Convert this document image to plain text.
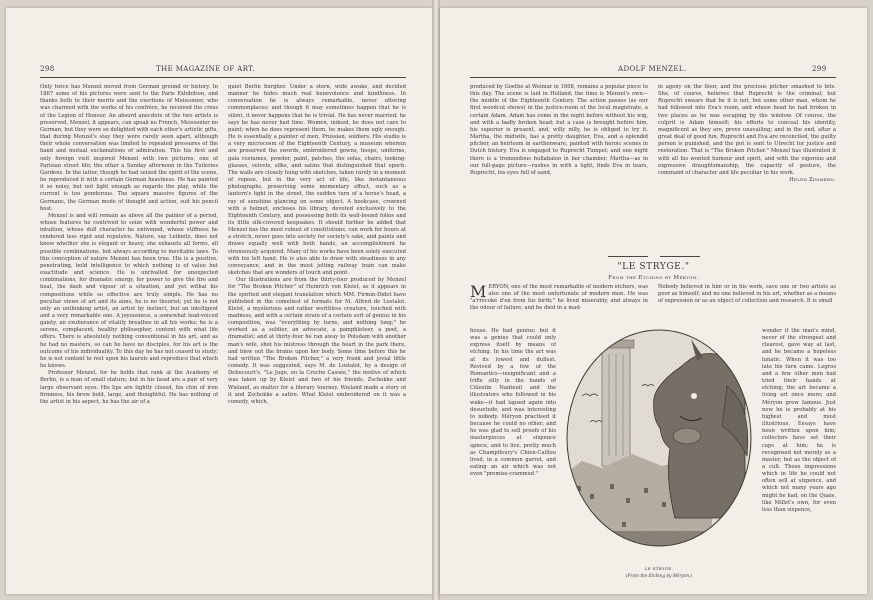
298	THE MAGAZINE OF ART.

Only twice has Menzel moved from German ground or history. In 1867 some of his pictures were sent to the Paris Exhibition, and thanks both to their merits and the exertions of Meissonier, who was charmed with the works of his confrère, he received the cross of the Legion of Honour. An absurd anecdote of the two artists is preserved. Menzel, it appears, can speak no French, Meissonier no German, but they were so delighted with each other's artistic gifts, that during Menzel's stay they were rarely seen apart, although their whole conversation was limited to repeated pressures of the hand and mutual exclamations of admiration. This his first and only foreign visit inspired Menzel with two pictures, one of Parisian street life; the other a Sunday afternoon in the Tuileries Gardens. In the latter, though he had seized the spirit of the scene, he reproduced it with a certain German heaviness. He has painted it so noisy, but not light enough as regards the play, while the current is too ponderous. The square massive figures of the Germans, the German mode of thought and action, suit his pencil best.

Menzel is and will remain as above all the painter of a period, whose features he contrived to seize with wonderful power and intuition, whose dull character he enlivened, whose stiffness he rendered less rigid and repulsive. Nature, say Leibnitz, does not know whether she is elegant or heavy, she exhausts all forms, all possible combinations, but always according to inevitable laws. To this conception of nature Menzel has been true. His is a positive, penetrating, bold intelligence to which nothing is of value but exactitude and science. He is unrivalled for unexpected combinations, for dramatic energy, for power to give the fire and heat, the dash and vigour of a situation, and yet withal his compositions while so effective are truly simple. He has no peculiar views of art and its aims, he is no theorist; yet he is not only an unthinking artist, an artist by instinct, but an intelligent and a very remarkable one. A joyousness, a somewhat lead-voiced gaiety, an exuberance of vitality breathes in all his works; he is a serene, complacent, healthy philosopher, content with what life offers. There is absolutely nothing conventional in his art, and as he had no masters, so can he have no disciples, for his art is the outcome of his individuality. To this day he has not ceased to study; he is not content to rest upon his laurels and reproduce that which he knows.

Professor Menzel, for he holds that rank at the Academy of Berlin, is a man of small stature, but in his head are a pair of very large observant eyes. His lips are tightly closed, his chin of iron firmness, his brow bold, large, and thoughtful. He has nothing of the artist in his aspect, he has the air of a

quiet Berlin burgher. Under a stern, wide awake, and decided manner he hides much real benevolence and kindliness. In conversation he is always remarkable, never uttering commonplaces; and though it may sometimes happen that he is silent, it never happens that he is trivial. He has never married; he says he has never had time. Women, indeed, he does not care to paint; when he does represent them, he makes them ugly enough. He is essentially a painter of men, Prussian, soldiers. His studio is a very microcosm of the Eighteenth Century, a museum wherein are preserved the swords, embroidered gowns, hoops, uniforms, gala costumes, powder, paint, patches, the sofas, chairs, looking-glasses, velvets, silks, and satins that distinguished that epoch. The walls are closely hung with sketches, taken rarely in a moment of repose, but in the very act of life, like instantaneous photographs, preserving some momentary effect, such as a lantern's light in the street, the sudden turn of a horse's head, a ray of sunshine glancing on some object. A bookcase, crowned with a helmet, encloses his library, devoted exclusively to the Eighteenth Century, and possessing both its well-bound folios and its little silk-covered keepsakes. It should further be added that Menzel has the most robust of constitutions, can work for hours at a stretch, never goes into society for society's sake, and paints and draws equally well with both hands, an accomplishment he strenuously acquired. Many of his works have been solely executed with his left hand. He is also able to draw with steadiness in any conveyance, and in the most jolting railway train can make sketches that are wonders of touch and point.

Our illustrations are from the thirty-four produced by Menzel for "The Broken Pitcher" of Heinrich von Kleist, as it appears in the spirited and elegant translation which MM. Firmin-Didot have published in the comeliest of formats for M. Alfred de Lostalot. Kleist, a mysterious and rather worthless creature, touched with madness, and with a certain strain of a certain sort of genius in his composition, was "everything by turns, and nothing long;" he worked as a soldier, an advocate, a pamphleteer, a poet, a dramatist; and at thirty-four he ran away to Potsdam with another man's wife, shot his mistress through the heart in the park there, and blew out the brains upon her body. Some time before this he had written "The Broken Pitcher," a very frank and jovial little comedy. It was suggested, says M. de Lostalot, by a design of Debucourt's, "Le Juge, ou la Cruche Cassée," the motive of which was taken up by Kleist and two of his friends, Zschokke and Wieland, as matter for a literary tourney. Wieland made a story of it and Zschokke a satire. What Kleist embroidered on it was a comedy, which,

ADOLF MENZEL.	299

produced by Goethe at Weimar in 1808, remains a popular piece to this day. The scene is laid in Holland; the time is Menzel's own—the middle of the Eighteenth Century. The action passes (as our first woodcut shows) in the justice-room of the local magistrate, a certain Adam. Adam has come in the night before without his wig, and with a badly broken head; but a case is brought before him, his superior is present, and, willy nilly, he is obliged to try it. Martha, the midwife, has a pretty daughter, Eva, and a splendid pitcher, an heirloom in earthenware, painted with heroic scenes in Dutch history. Eva is engaged to Ruprecht Tumpel; and one night there is a tremendous hullabaloo in her chamber. Martha—as in our full-page picture—rushes in with a light, finds Eva in tears, Ruprecht, his eyes full of sand,

in agony on the floor, and the precious pitcher smashed to bits. She, of course, believes that Ruprecht is the criminal; but Ruprecht swears that he it is not, but some other man, whom he had followed into Eva's room, and whose head he had broken in two places as he was escaping by the window. Of course, the culprit is Adam himself; his efforts to conceal his identity, magnificent as they are, prove unavailing; and in the end, after a great deal of good fun, Ruprecht and Eva are reconciled, the guilty person is punished, and the pot is sent to Utrecht for justice and restoration. That is "The Broken Pitcher." Menzel has illustrated it with all his wonted humour and spirit, and with the vigorous and expressive draughtsmanship, the capacity of gesture, the command of character and life peculiar to his work.

Helen Zimmern.
"LE STRYGE."
From the Etching by Méryon.

MÉRYON, one of the most remarkable of modern etchers, was also one of the most unfortunate of modern men. He was "a'rrécoké d'en from his birth;" he lived miserably, and always in the odour of failure; and he died in a mad-

Nobody believed in him or in his work, save one or two artists as poor as himself; and no one believed in his art, whether as a means of expression or as an object of collection and research. It is small

house. He had genius; but it was a genius that could only express itself by means of etching. In his time the art was at its lowest and dullest. Revived by a few of the Romantics—insignificant and a trifle silly in the hands of Célestin Nanteuil and the illustrators who followed in his wake—it had lapsed again into desuetude, and was interesting to nobody. Méryon practised it because he could no other; and he was glad to sell proofs of his masterpieces at sixpence apiece, and to live, pretty much as Champfleury's Chien-Caillou lived, in a common garret, and eating an air which was not even "premise-crammed."

wonder if the man's mind, never of the strongest and clearest, gave way at last, and he became a hopeless lunatic. When it was too late his turn came. Legros and a few other men had tried their hands at etching; the art became a living art once more; and Méryon grew famous. Just now he is probably at his highest and most illustrious. Essays have been written upon him; collectors have set their caps at him; he is recognised not merely as a master, but as the object of a cult. Those impressions which in life he could not often sell at sixpence, and which not many years ago might be had, on the Quais, like Millet's own, for even less than sixpence,

LE STRYGE.
(From the Etching by Méryon.)
